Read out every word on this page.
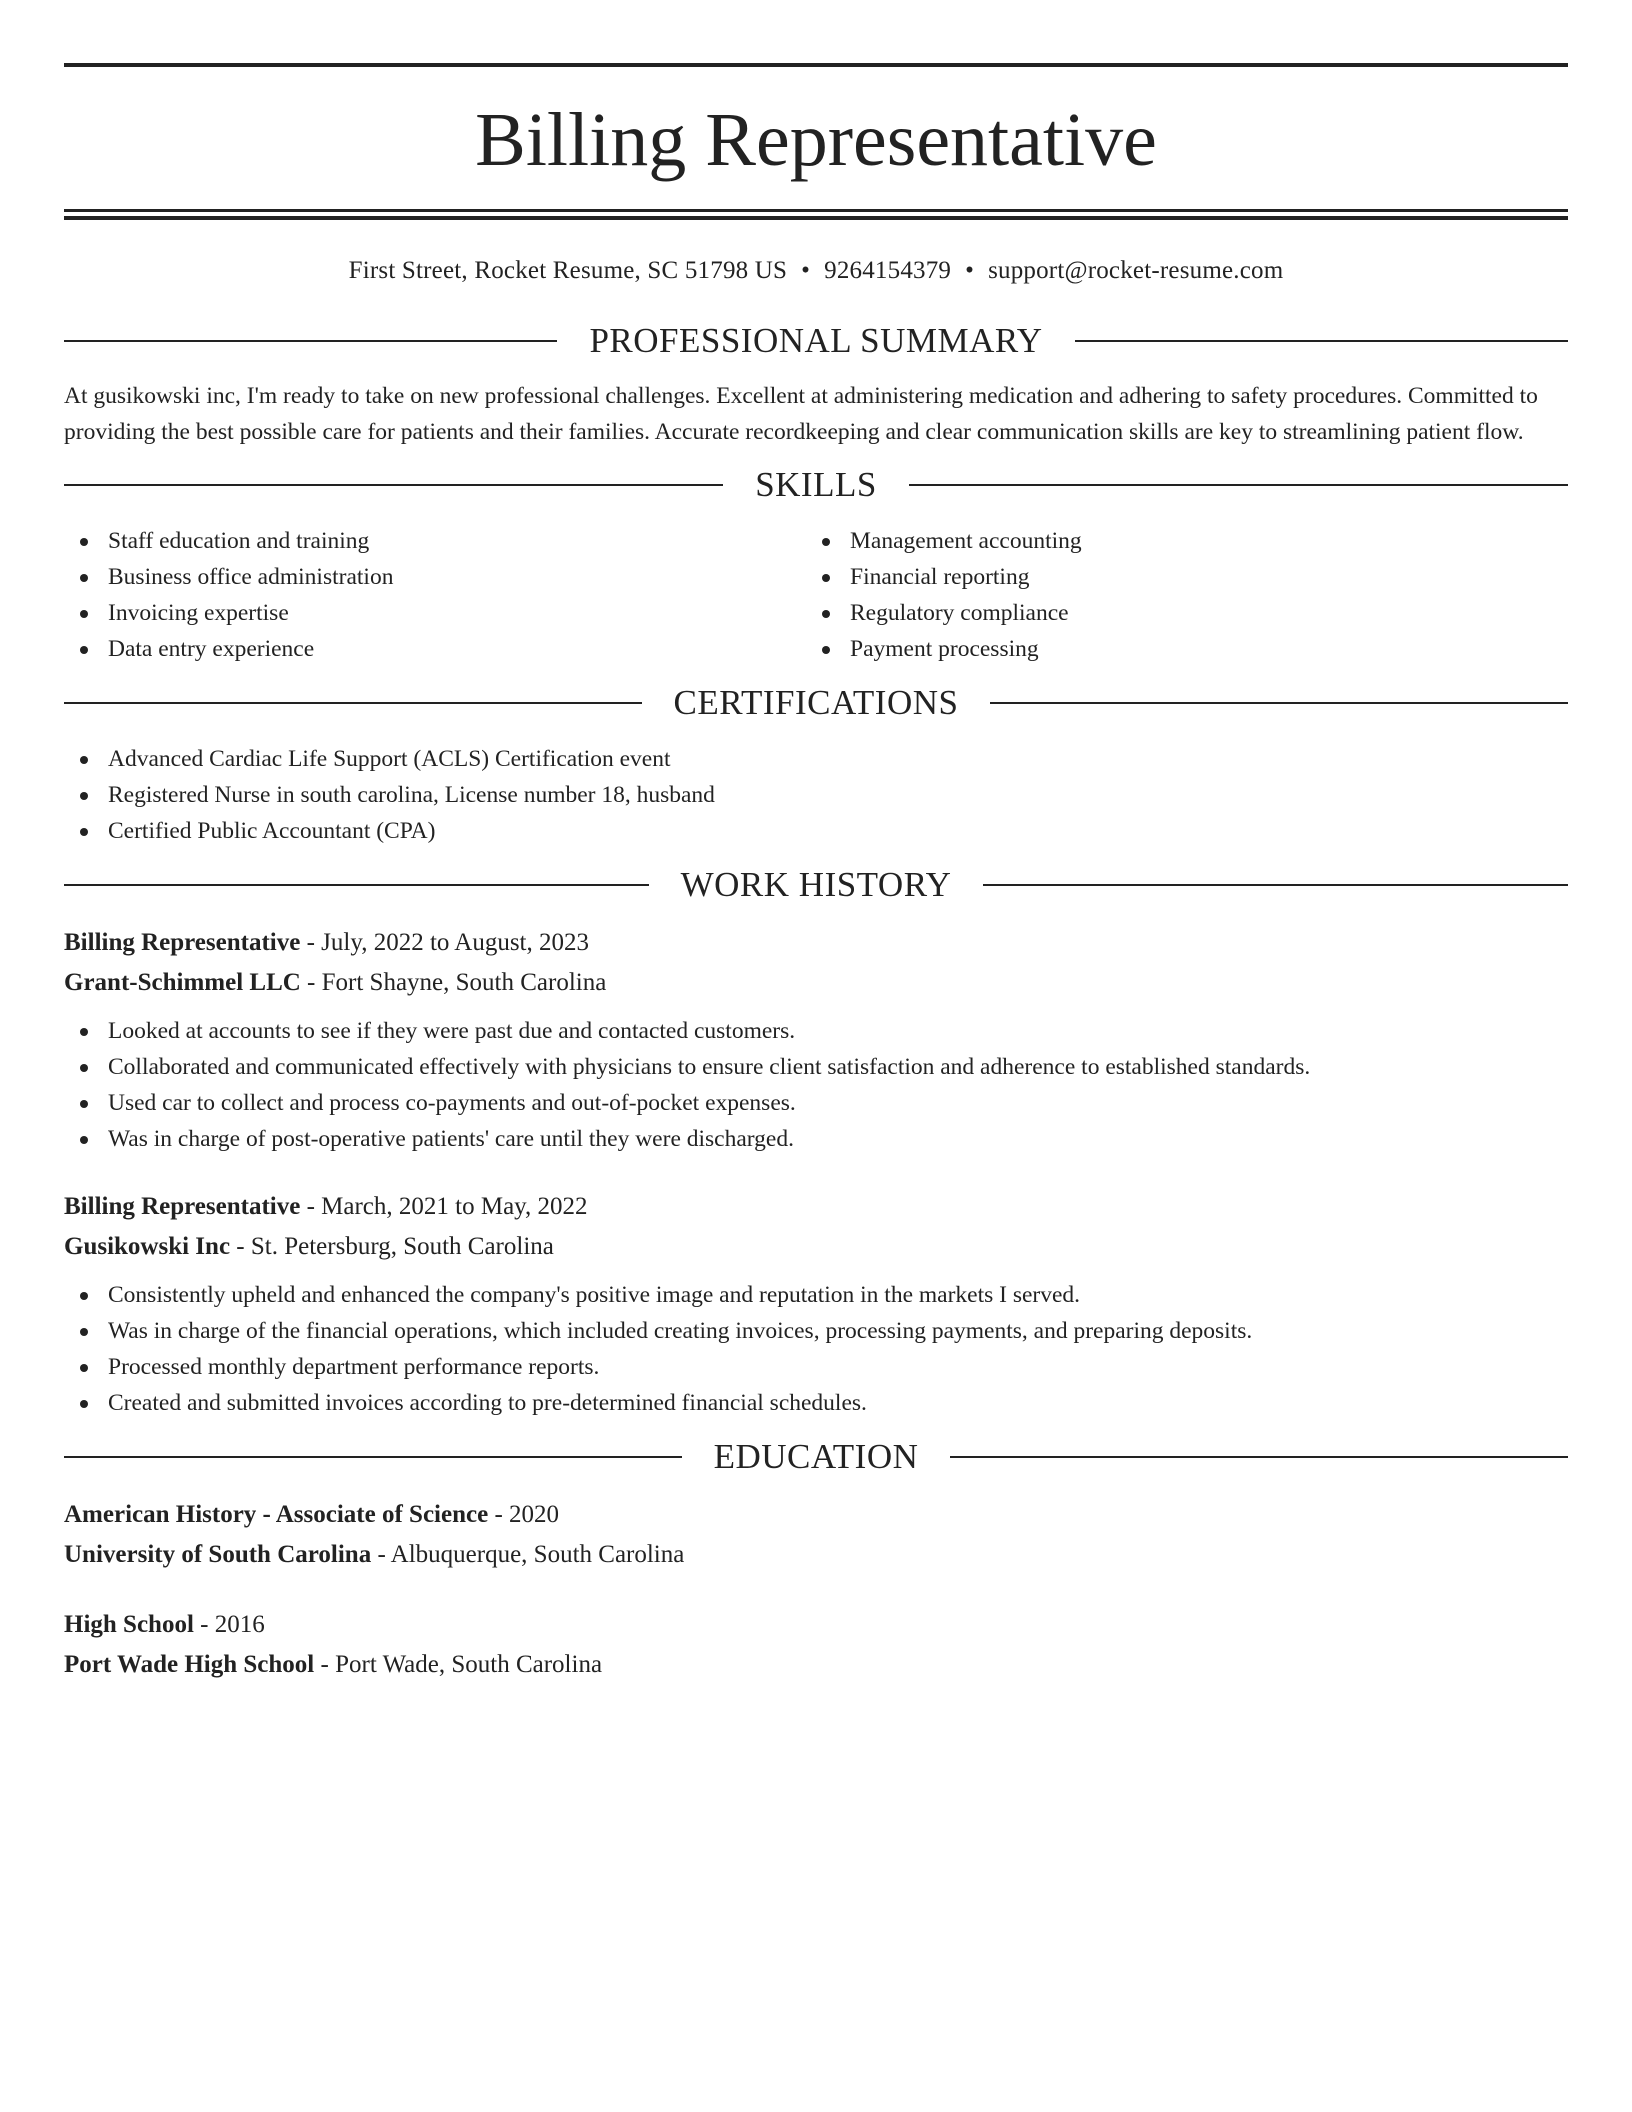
Billing Representative
First Street, Rocket Resume, SC 51798 US • 9264154379 • support@rocket-resume.com
PROFESSIONAL SUMMARY

At gusikowski inc, I'm ready to take on new professional challenges. Excellent at administering medication and adhering to safety procedures. Committed to providing the best possible care for patients and their families. Accurate recordkeeping and clear communication skills are key to streamlining patient flow.

SKILLS
Staff education and training
Business office administration
Invoicing expertise
Data entry experience
Management accounting
Financial reporting
Regulatory compliance
Payment processing
CERTIFICATIONS
Advanced Cardiac Life Support (ACLS) Certification event
Registered Nurse in south carolina, License number 18, husband
Certified Public Accountant (CPA)
WORK HISTORY
Billing Representative - July, 2022 to August, 2023
Grant-Schimmel LLC - Fort Shayne, South Carolina
Looked at accounts to see if they were past due and contacted customers.
Collaborated and communicated effectively with physicians to ensure client satisfaction and adherence to established standards.
Used car to collect and process co-payments and out-of-pocket expenses.
Was in charge of post-operative patients' care until they were discharged.
Billing Representative - March, 2021 to May, 2022
Gusikowski Inc - St. Petersburg, South Carolina
Consistently upheld and enhanced the company's positive image and reputation in the markets I served.
Was in charge of the financial operations, which included creating invoices, processing payments, and preparing deposits.
Processed monthly department performance reports.
Created and submitted invoices according to pre-determined financial schedules.
EDUCATION
American History - Associate of Science - 2020
University of South Carolina - Albuquerque, South Carolina
High School - 2016
Port Wade High School - Port Wade, South Carolina
